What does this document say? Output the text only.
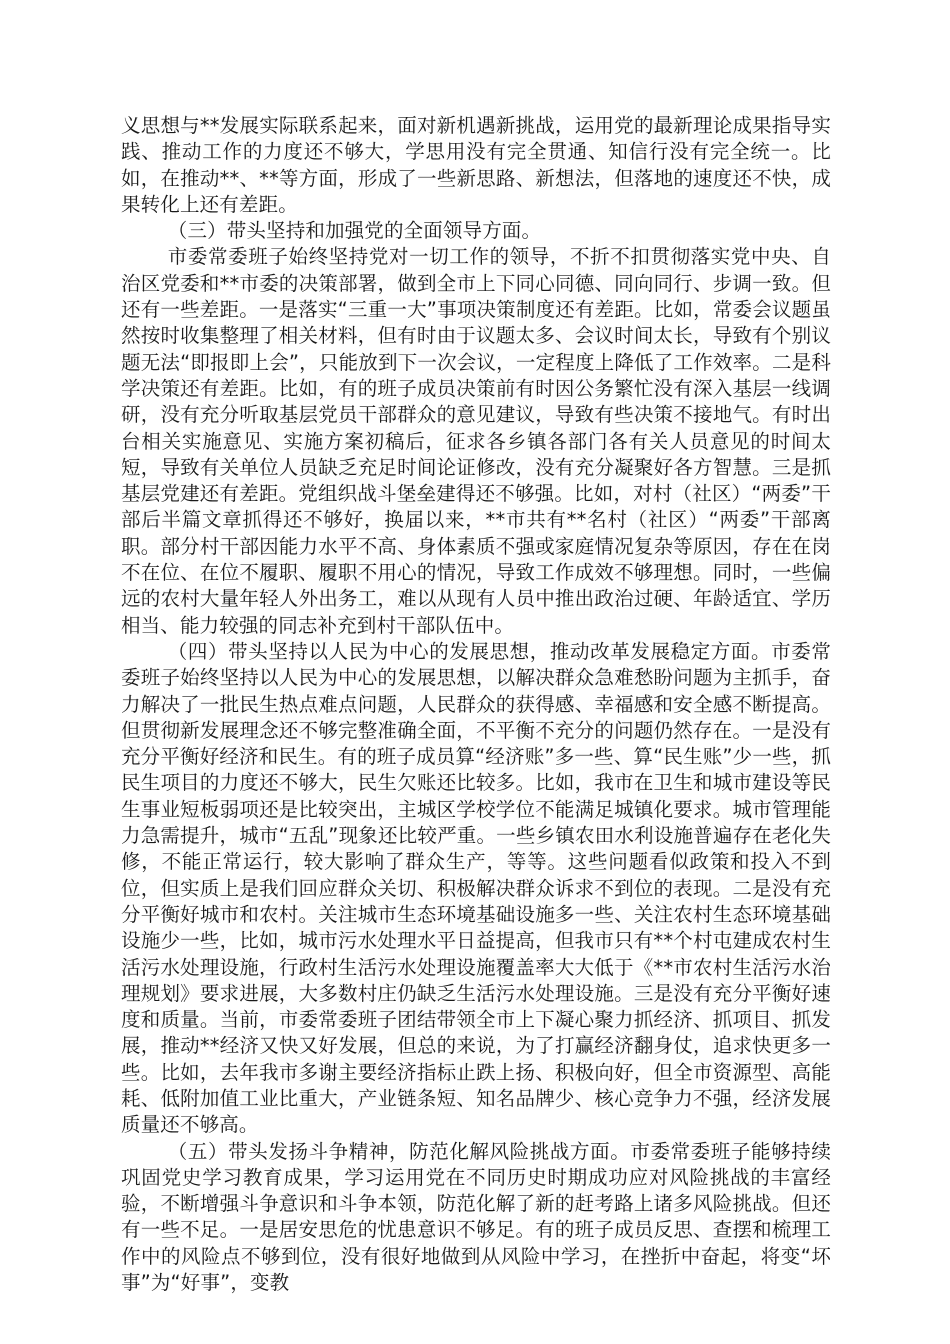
义思想与**发展实际联系起来，面对新机遇新挑战，运用党的最新理论成果指导实践、推动工作的力度还不够大，学思用没有完全贯通、知信行没有完全统一。比如，在推动**、**等方面，形成了一些新思路、新想法，但落地的速度还不快，成果转化上还有差距。

（三）带头坚持和加强党的全面领导方面。

市委常委班子始终坚持党对一切工作的领导，不折不扣贯彻落实党中央、自治区党委和**市委的决策部署，做到全市上下同心同德、同向同行、步调一致。但还有一些差距。一是落实“三重一大”事项决策制度还有差距。比如，常委会议题虽然按时收集整理了相关材料，但有时由于议题太多、会议时间太长，导致有个别议题无法“即报即上会”，只能放到下一次会议，一定程度上降低了工作效率。二是科学决策还有差距。比如，有的班子成员决策前有时因公务繁忙没有深入基层一线调研，没有充分听取基层党员干部群众的意见建议，导致有些决策不接地气。有时出台相关实施意见、实施方案初稿后，征求各乡镇各部门各有关人员意见的时间太短，导致有关单位人员缺乏充足时间论证修改，没有充分凝聚好各方智慧。三是抓基层党建还有差距。党组织战斗堡垒建得还不够强。比如，对村（社区）“两委”干部后半篇文章抓得还不够好，换届以来，**市共有**名村（社区）“两委”干部离职。部分村干部因能力水平不高、身体素质不强或家庭情况复杂等原因，存在在岗不在位、在位不履职、履职不用心的情况，导致工作成效不够理想。同时，一些偏远的农村大量年轻人外出务工，难以从现有人员中推出政治过硬、年龄适宜、学历相当、能力较强的同志补充到村干部队伍中。

（四）带头坚持以人民为中心的发展思想，推动改革发展稳定方面。市委常委班子始终坚持以人民为中心的发展思想，以解决群众急难愁盼问题为主抓手，奋力解决了一批民生热点难点问题，人民群众的获得感、幸福感和安全感不断提高。但贯彻新发展理念还不够完整准确全面，不平衡不充分的问题仍然存在。一是没有充分平衡好经济和民生。有的班子成员算“经济账”多一些、算“民生账”少一些，抓民生项目的力度还不够大，民生欠账还比较多。比如，我市在卫生和城市建设等民生事业短板弱项还是比较突出，主城区学校学位不能满足城镇化要求。城市管理能力急需提升，城市“五乱”现象还比较严重。一些乡镇农田水利设施普遍存在老化失修，不能正常运行，较大影响了群众生产，等等。这些问题看似政策和投入不到位，但实质上是我们回应群众关切、积极解决群众诉求不到位的表现。二是没有充分平衡好城市和农村。关注城市生态环境基础设施多一些、关注农村生态环境基础设施少一些，比如，城市污水处理水平日益提高，但我市只有**个村屯建成农村生活污水处理设施，行政村生活污水处理设施覆盖率大大低于《**市农村生活污水治理规划》要求进展，大多数村庄仍缺乏生活污水处理设施。三是没有充分平衡好速度和质量。当前，市委常委班子团结带领全市上下凝心聚力抓经济、抓项目、抓发展，推动**经济又快又好发展，但总的来说，为了打赢经济翻身仗，追求快更多一些。比如，去年我市多谢主要经济指标止跌上扬、积极向好，但全市资源型、高能耗、低附加值工业比重大，产业链条短、知名品牌少、核心竞争力不强，经济发展质量还不够高。

（五）带头发扬斗争精神，防范化解风险挑战方面。市委常委班子能够持续巩固党史学习教育成果，学习运用党在不同历史时期成功应对风险挑战的丰富经验，不断增强斗争意识和斗争本领，防范化解了新的赶考路上诸多风险挑战。但还有一些不足。一是居安思危的忧患意识不够足。有的班子成员反思、查摆和梳理工作中的风险点不够到位，没有很好地做到从风险中学习，在挫折中奋起，将变“坏事”为“好事”，变教
